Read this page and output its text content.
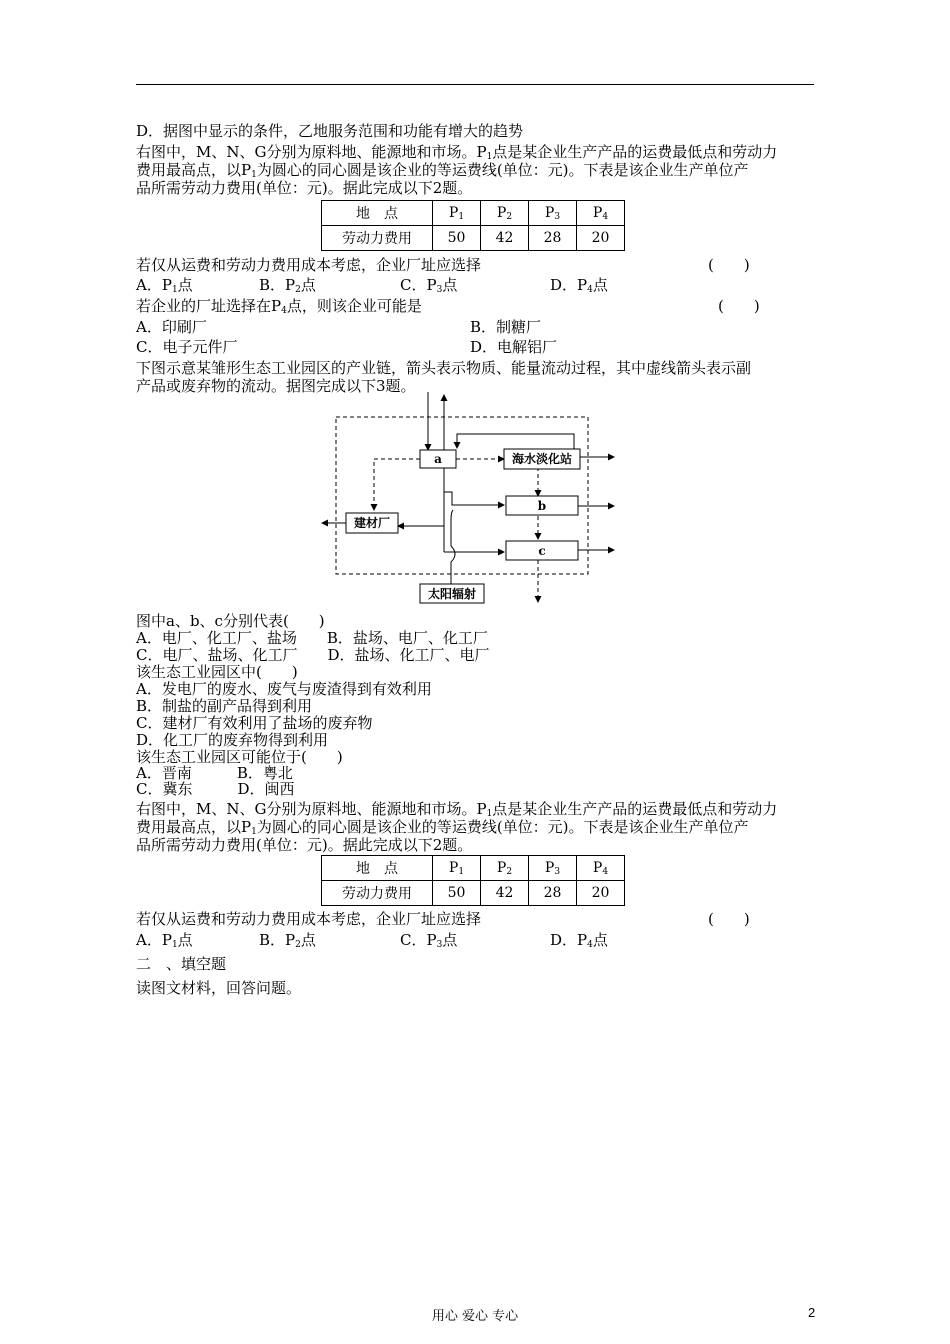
D．据图中显示的条件，乙地服务范围和功能有增大的趋势
右图中，M、N、G分别为原料地、能源地和市场。$P_1$点是某企业生产产品的运费最低点和劳动力
费用最高点，以$P_1$为圆心的同心圆是该企业的等运费线(单位：元)。下表是该企业生产单位产
品所需劳动力费用(单位：元)。据此完成以下2题。
地　点	$P_1$	$P_2$	$P_3$	$P_4$
劳动力费用	50	42	28	20
若仅从运费和劳动力费用成本考虑，企业厂址应选择	(　　)
A．$P_1$点	B．$P_2$点	C．$P_3$点	D．$P_4$点
若企业的厂址选择在$P_4$点，则该企业可能是	(　　)
A．印刷厂	B．制糖厂
C．电子元件厂	D．电解铝厂
下图示意某雏形生态工业园区的产业链，箭头表示物质、能量流动过程，其中虚线箭头表示副
产品或废弃物的流动。据图完成以下3题。
a	海水淡化站
b
c
建材厂
太阳辐射
图中a、b、c分别代表(　　)
A．电厂、化工厂、盐场　　B．盐场、电厂、化工厂
C．电厂、盐场、化工厂　　D．盐场、化工厂、电厂
该生态工业园区中(　　)
A．发电厂的废水、废气与废渣得到有效利用
B．制盐的副产品得到利用
C．建材厂有效利用了盐场的废弃物
D．化工厂的废弃物得到利用
该生态工业园区可能位于(　　)
A．晋南　　　B．粤北
C．冀东　　　D．闽西
右图中，M、N、G分别为原料地、能源地和市场。$P_1$点是某企业生产产品的运费最低点和劳动力
费用最高点，以$P_1$为圆心的同心圆是该企业的等运费线(单位：元)。下表是该企业生产单位产
品所需劳动力费用(单位：元)。据此完成以下2题。
地　点	$P_1$	$P_2$	$P_3$	$P_4$
劳动力费用	50	42	28	20
若仅从运费和劳动力费用成本考虑，企业厂址应选择	(　　)
A．$P_1$点	B．$P_2$点	C．$P_3$点	D．$P_4$点
二　、填空题
读图文材料，回答问题。
用心 爱心 专心	2
